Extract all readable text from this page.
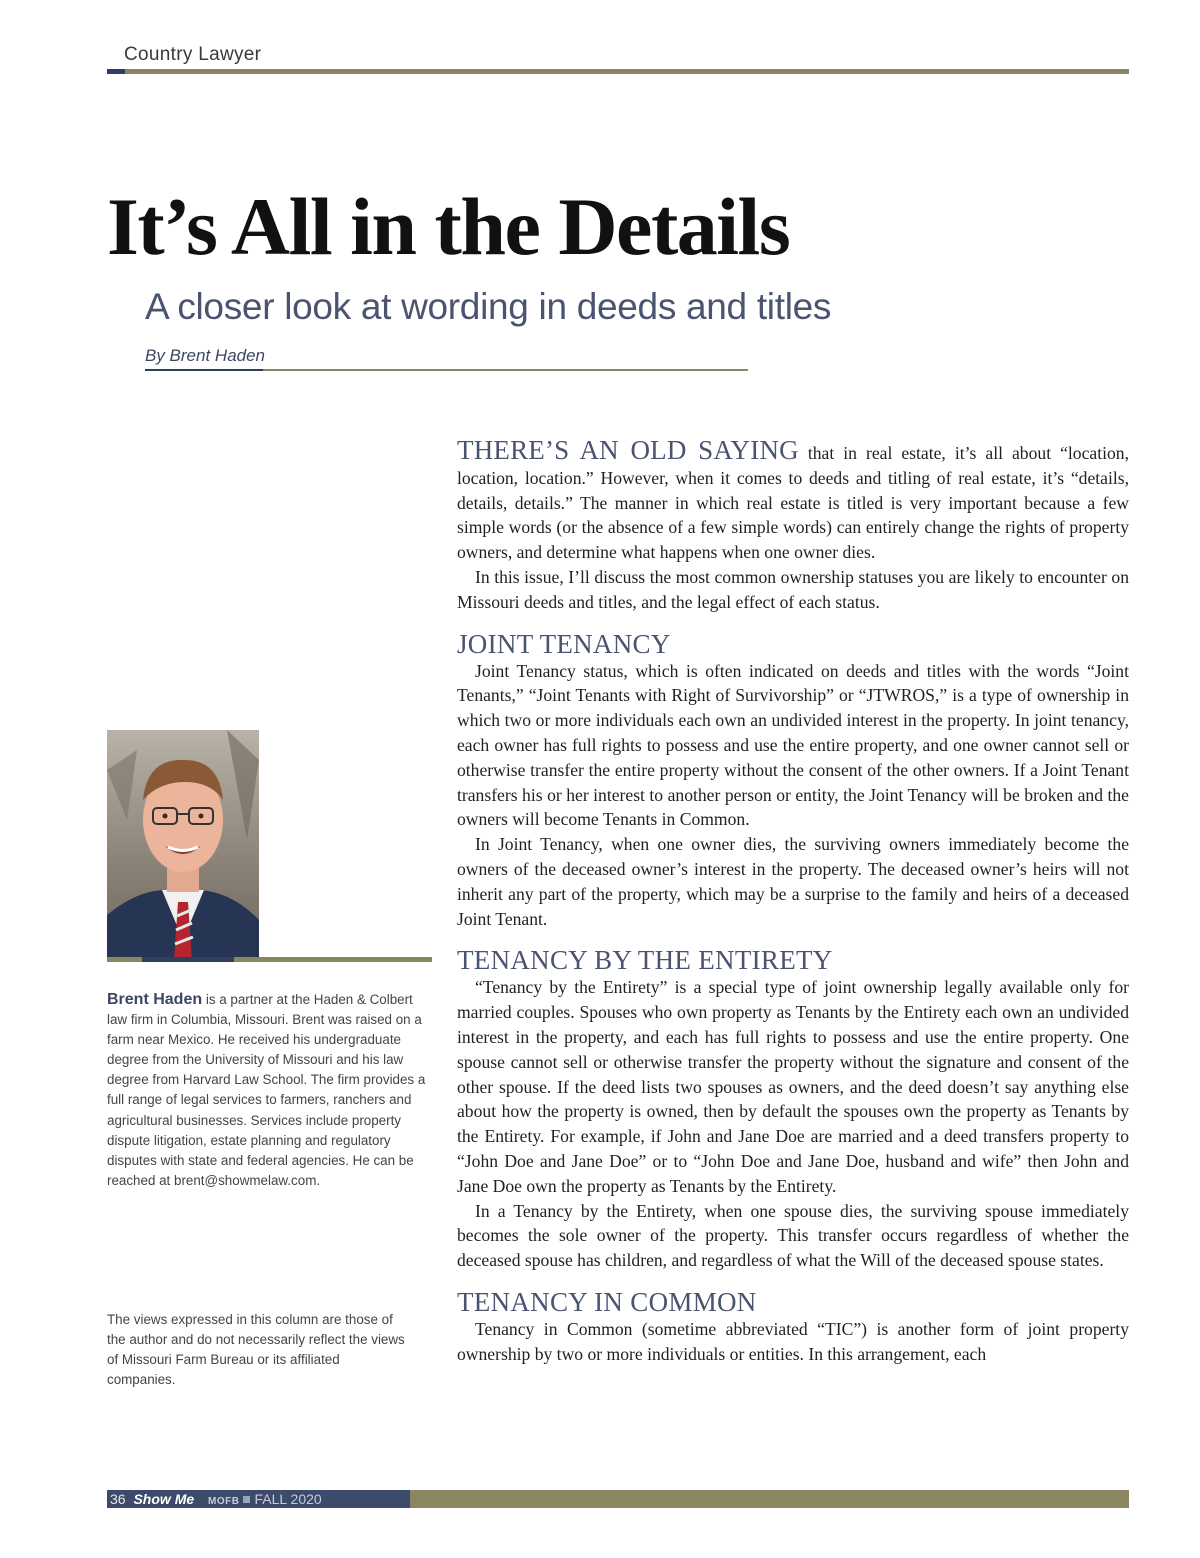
Country Lawyer
It’s All in the Details
A closer look at wording in deeds and titles
By Brent Haden
Brent Haden is a partner at the Haden & Colbert law firm in Columbia, Missouri. Brent was raised on a farm near Mexico. He received his undergraduate degree from the University of Missouri and his law degree from Harvard Law School. The firm provides a full range of legal services to farmers, ranchers and agricultural businesses. Services include property dispute litigation, estate planning and regulatory disputes with state and federal agencies. He can be reached at brent@showmelaw.com.
The views expressed in this column are those of the author and do not necessarily reflect the views of Missouri Farm Bureau or its affiliated companies.

THERE’S AN OLD SAYING that in real estate, it’s all about “location, location, location.” However, when it comes to deeds and titling of real estate, it’s “details, details, details.” The manner in which real estate is titled is very important because a few simple words (or the absence of a few simple words) can entirely change the rights of property owners, and determine what happens when one owner dies.

In this issue, I’ll discuss the most common ownership statuses you are likely to encounter on Missouri deeds and titles, and the legal effect of each status.

JOINT TENANCY

Joint Tenancy status, which is often indicated on deeds and titles with the words “Joint Tenants,” “Joint Tenants with Right of Survivorship” or “JTWROS,” is a type of ownership in which two or more individuals each own an undivided interest in the property. In joint tenancy, each owner has full rights to possess and use the entire property, and one owner cannot sell or otherwise transfer the entire property without the consent of the other owners. If a Joint Tenant transfers his or her interest to another person or entity, the Joint Tenancy will be broken and the owners will become Tenants in Common.

In Joint Tenancy, when one owner dies, the surviving owners immediately become the owners of the deceased owner’s interest in the property. The deceased owner’s heirs will not inherit any part of the property, which may be a surprise to the family and heirs of a deceased Joint Tenant.

TENANCY BY THE ENTIRETY

“Tenancy by the Entirety” is a special type of joint ownership legally available only for married couples. Spouses who own property as Tenants by the Entirety each own an undivided interest in the property, and each has full rights to possess and use the entire property. One spouse cannot sell or otherwise transfer the property without the signature and consent of the other spouse. If the deed lists two spouses as owners, and the deed doesn’t say anything else about how the property is owned, then by default the spouses own the property as Tenants by the Entirety. For example, if John and Jane Doe are married and a deed transfers property to “John Doe and Jane Doe” or to “John Doe and Jane Doe, husband and wife” then John and Jane Doe own the property as Tenants by the Entirety.

In a Tenancy by the Entirety, when one spouse dies, the surviving spouse immediately becomes the sole owner of the property. This transfer occurs regardless of whether the deceased spouse has children, and regardless of what the Will of the deceased spouse states.

TENANCY IN COMMON

Tenancy in Common (sometime abbreviated “TIC”) is another form of joint property ownership by two or more individuals or entities. In this arrangement, each

36 Show Me MOFB FALL 2020
